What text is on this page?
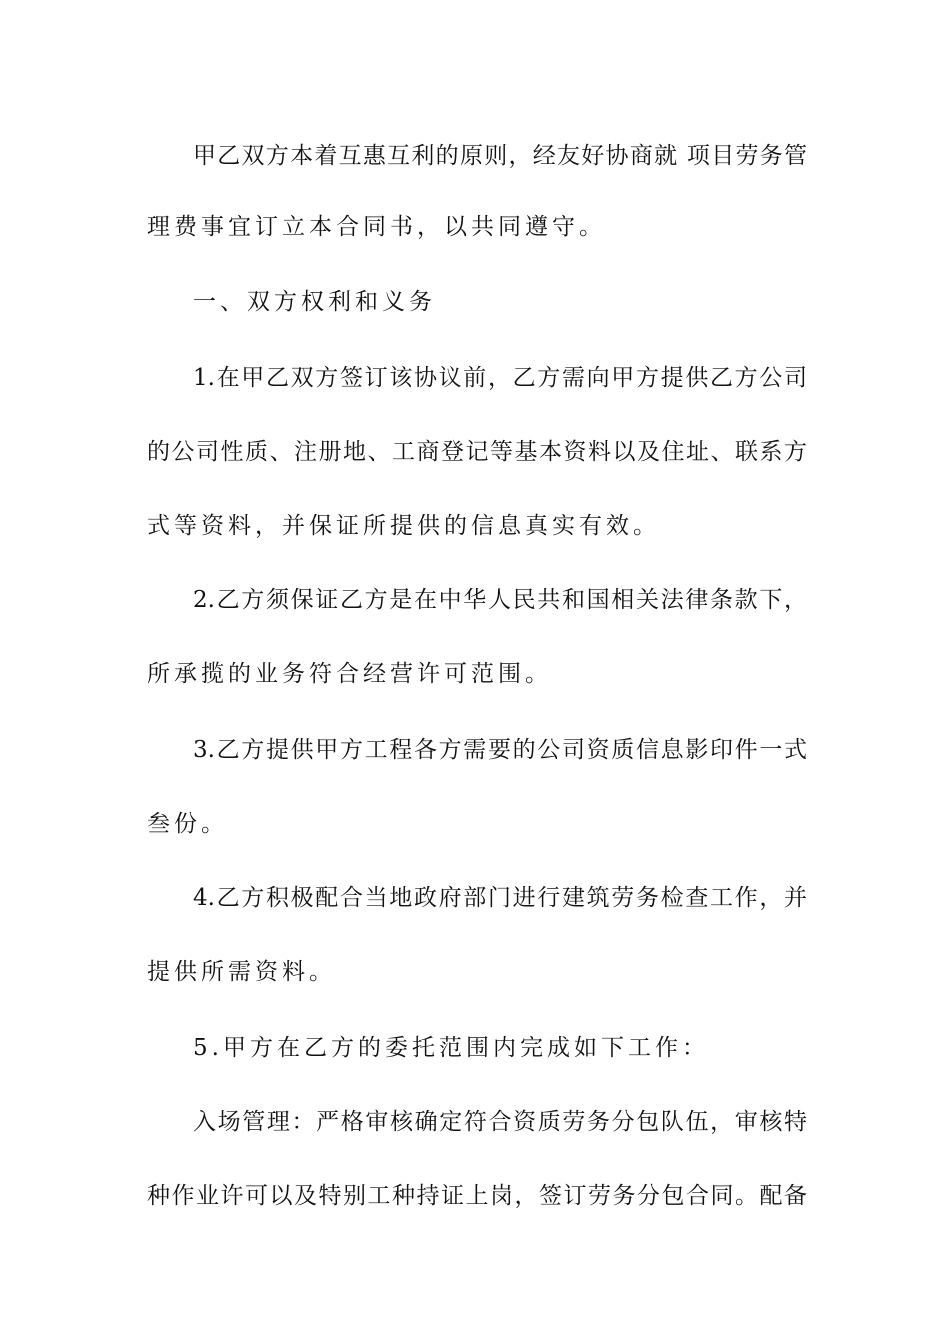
甲乙双方本着互惠互利的原则，经友好协商就 项目劳务管
理费事宜订立本合同书，以共同遵守。
一、双方权利和义务
1.在甲乙双方签订该协议前，乙方需向甲方提供乙方公司
的公司性质、注册地、工商登记等基本资料以及住址、联系方
式等资料，并保证所提供的信息真实有效。
2.乙方须保证乙方是在中华人民共和国相关法律条款下，
所承揽的业务符合经营许可范围。
3.乙方提供甲方工程各方需要的公司资质信息影印件一式
叁份。
4.乙方积极配合当地政府部门进行建筑劳务检查工作，并
提供所需资料。
5.甲方在乙方的委托范围内完成如下工作：
入场管理：严格审核确定符合资质劳务分包队伍，审核特
种作业许可以及特别工种持证上岗，签订劳务分包合同。配备
